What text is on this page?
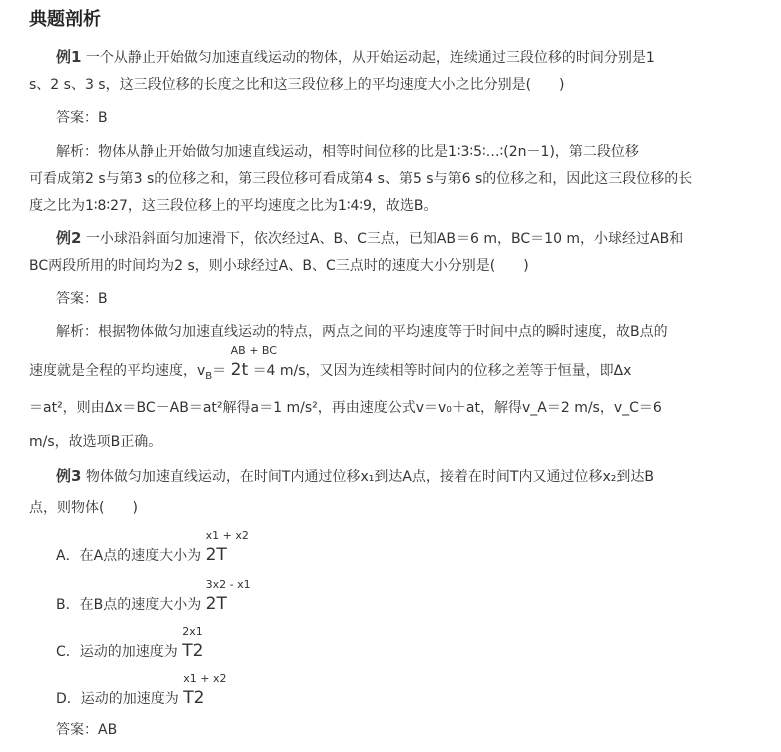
典题剖析
例1 一个从静止开始做匀加速直线运动的物体，从开始运动起，连续通过三段位移的时间分别是1
s、2 s、3 s，这三段位移的长度之比和这三段位移上的平均速度大小之比分别是(　　)
答案：B
解析：物体从静止开始做匀加速直线运动，相等时间位移的比是1∶3∶5∶…∶(2n－1)，第二段位移
可看成第2 s与第3 s的位移之和，第三段位移可看成第4 s、第5 s与第6 s的位移之和，因此这三段位移的长
度之比为1∶8∶27，这三段位移上的平均速度之比为1∶4∶9，故选B。
例2 一小球沿斜面匀加速滑下，依次经过A、B、C三点，已知AB＝6 m，BC＝10 m，小球经过AB和
BC两段所用的时间均为2 s，则小球经过A、B、C三点时的速度大小分别是(　　)
答案：B
解析：根据物体做匀加速直线运动的特点，两点之间的平均速度等于时间中点的瞬时速度，故B点的
速度就是全程的平均速度，$v_B=$
AB + BC
2t ＝4 m/s，又因为连续相等时间内的位移之差等于恒量，即Δx
＝at²，则由Δx＝BC－AB＝at²解得a＝1 m/s²，再由速度公式v＝v₀＋at，解得v_A＝2 m/s，v_C＝6
m/s，故选项B正确。
例3 物体做匀加速直线运动，在时间T内通过位移x₁到达A点，接着在时间T内又通过位移x₂到达B
点，则物体(　　)
A．在A点的速度大小为
x1 + x2
2T
B．在B点的速度大小为
3x2 - x1
2T
C．运动的加速度为
2x1
T2
D．运动的加速度为
x1 + x2
T2
答案：AB
